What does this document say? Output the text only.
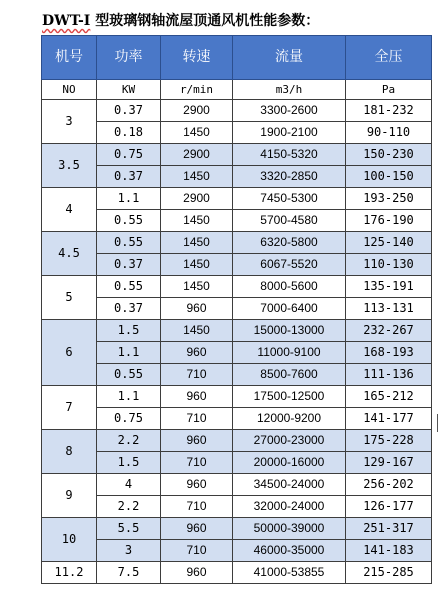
DWT-I 型玻璃钢轴流屋顶通风机性能参数：
机号	功率	转速	流量	全压
NO	KW	r/min	m3/h	Pa
3	0.37	2900	3300-2600	181-232
	0.18	1450	1900-2100	90-110
3.5	0.75	2900	4150-5320	150-230
	0.37	1450	3320-2850	100-150
4	1.1	2900	7450-5300	193-250
	0.55	1450	5700-4580	176-190
4.5	0.55	1450	6320-5800	125-140
	0.37	1450	6067-5520	110-130
5	0.55	1450	8000-5600	135-191
	0.37	960	7000-6400	113-131
6	1.5	1450	15000-13000	232-267
	1.1	960	11000-9100	168-193
	0.55	710	8500-7600	111-136
7	1.1	960	17500-12500	165-212
	0.75	710	12000-9200	141-177
8	2.2	960	27000-23000	175-228
	1.5	710	20000-16000	129-167
9	4	960	34500-24000	256-202
	2.2	710	32000-24000	126-177
10	5.5	960	50000-39000	251-317
	3	710	46000-35000	141-183
11.2	7.5	960	41000-53855	215-285
